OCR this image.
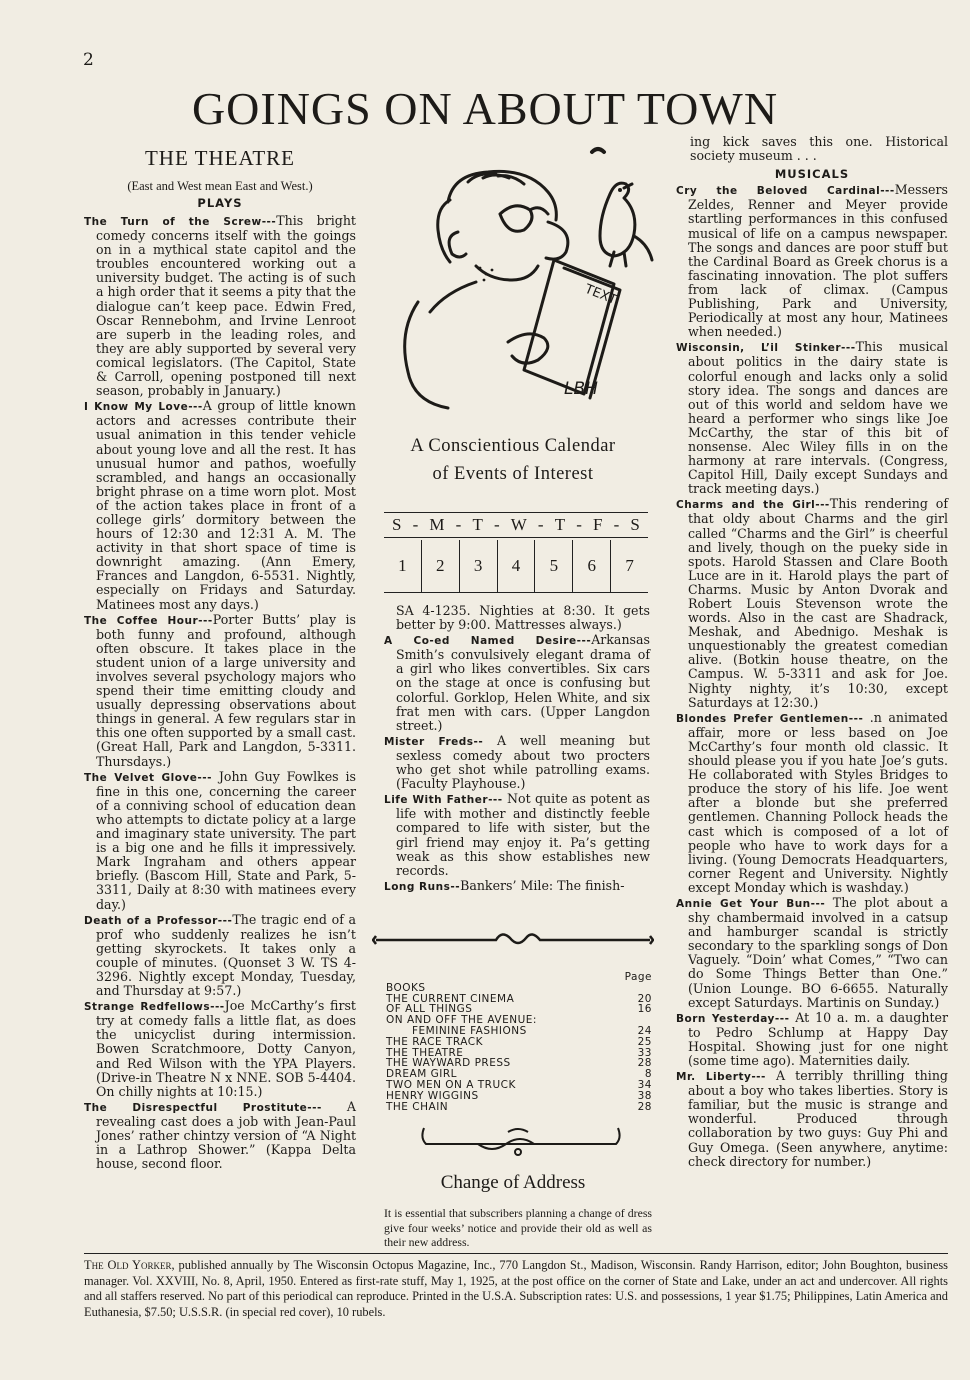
2
GOINGS ON ABOUT TOWN
THE THEATRE
(East and West mean East and West.)
PLAYS
The Turn of the Screw---This bright comedy concerns itself with the goings on in a mythical state capitol and the troubles encountered working out a university budget. The acting is of such a high order that it seems a pity that the dialogue can’t keep pace. Edwin Fred, Oscar Rennebohm, and Irvine Lenroot are superb in the leading roles, and they are ably supported by several very comical legislators. (The Capitol, State & Carroll, opening postponed till next season, probably in January.)
I Know My Love---A group of little known actors and acresses contribute their usual animation in this tender vehicle about young love and all the rest. It has unusual humor and pathos, woefully scrambled, and hangs an occasionally bright phrase on a time worn plot. Most of the action takes place in front of a college girls’ dormitory between the hours of 12:30 and 12:31 A. M. The activity in that short space of time is downright amazing. (Ann Emery, Frances and Langdon, 6-5531. Nightly, especially on Fridays and Saturday. Matinees most any days.)
The Coffee Hour---Porter Butts’ play is both funny and profound, although often obscure. It takes place in the student union of a large university and involves several psychology majors who spend their time emitting cloudy and usually depressing observations about things in general. A few regulars star in this one often supported by a small cast. (Great Hall, Park and Langdon, 5-3311. Thursdays.)
The Velvet Glove--- John Guy Fowlkes is fine in this one, concerning the career of a conniving school of education dean who attempts to dictate policy at a large and imaginary state university. The part is a big one and he fills it impressively. Mark Ingraham and others appear briefly. (Bascom Hill, State and Park, 5-3311, Daily at 8:30 with matinees every day.)
Death of a Professor---The tragic end of a prof who suddenly realizes he isn’t getting skyrockets. It takes only a couple of minutes. (Quonset 3 W. TS 4-3296. Nightly except Monday, Tuesday, and Thursday at 9:57.)
Strange Redfellows---Joe McCarthy’s first try at comedy falls a little flat, as does the unicyclist during intermission. Bowen Scratchmoore, Dotty Canyon, and Red Wilson with the YPA Players. (Drive-in Theatre N x NNE. SOB 5-4404. On chilly nights at 10:15.)
The Disrespectful Prostitute--- A revealing cast does a job with Jean-Paul Jones’ rather chintzy version of “A Night in a Lathrop Shower.” (Kappa Delta house, second floor.
TEXT
LBH
A Conscientious Calendar
of Events of Interest
S - M - T - W - T - F - S
1	2	3	4	5	6	7
SA 4-1235. Nighties at 8:30. It gets better by 9:00. Mattresses always.)
A Co-ed Named Desire---Arkansas Smith’s convulsively elegant drama of a girl who likes convertibles. Six cars on the stage at once is confusing but colorful. Gorklop, Helen White, and six frat men with cars. (Upper Langdon street.)
Mister Freds-- A well meaning but sexless comedy about two procters who get shot while patrolling exams. (Faculty Playhouse.)
Life With Father--- Not quite as potent as life with mother and distinctly feeble compared to life with sister, but the girl friend may enjoy it. Pa’s getting weak as this show establishes new records.
Long Runs--Bankers’ Mile: The finish-
Page
BOOKS
THE CURRENT CINEMA	20
OF ALL THINGS	16
ON AND OFF THE AVENUE:
FEMININE FASHIONS	24
THE RACE TRACK	25
THE THEATRE	33
THE WAYWARD PRESS	28
DREAM GIRL	8
TWO MEN ON A TRUCK	34
HENRY WIGGINS	38
THE CHAIN	28
Change of Address
It is essential that subscribers planning a change of dress give four weeks’ notice and provide their old as well as their new address.
ing kick saves this one. Historical society museum . . .
MUSICALS
Cry the Beloved Cardinal---Messers Zeldes, Renner and Meyer provide startling performances in this confused musical of life on a campus newspaper. The songs and dances are poor stuff but the Cardinal Board as Greek chorus is a fascinating innovation. The plot suffers from lack of climax. (Campus Publishing, Park and University, Periodically at most any hour, Matinees when needed.)
Wisconsin, L’il Stinker---This musical about politics in the dairy state is colorful enough and lacks only a solid story idea. The songs and dances are out of this world and seldom have we heard a performer who sings like Joe McCarthy, the star of this bit of nonsense. Alec Wiley fills in on the harmony at rare intervals. (Congress, Capitol Hill, Daily except Sundays and track meeting days.)
Charms and the Girl---This rendering of that oldy about Charms and the girl called “Charms and the Girl” is cheerful and lively, though on the pueky side in spots. Harold Stassen and Clare Booth Luce are in it. Harold plays the part of Charms. Music by Anton Dvorak and Robert Louis Stevenson wrote the words. Also in the cast are Shadrack, Meshak, and Abednigo. Meshak is unquestionably the greatest comedian alive. (Botkin house theatre, on the Campus. W. 5-3311 and ask for Joe. Nighty nighty, it’s 10:30, except Saturdays at 12:30.)
Blondes Prefer Gentlemen--- .n animated affair, more or less based on Joe McCarthy’s four month old classic. It should please you if you hate Joe’s guts. He collaborated with Styles Bridges to produce the story of his life. Joe went after a blonde but she preferred gentlemen. Channing Pollock heads the cast which is composed of a lot of people who have to work days for a living. (Young Democrats Headquarters, corner Regent and University. Nightly except Monday which is washday.)
Annie Get Your Bun--- The plot about a shy chambermaid involved in a catsup and hamburger scandal is strictly secondary to the sparkling songs of Don Vaguely. “Doin’ what Comes,” “Two can do Some Things Better than One.” (Union Lounge. BO 6-6655. Naturally except Saturdays. Martinis on Sunday.)
Born Yesterday--- At 10 a. m. a daughter to Pedro Schlump at Happy Day Hospital. Showing just for one night (some time ago). Maternities daily.
Mr. Liberty--- A terribly thrilling thing about a boy who takes liberties. Story is familiar, but the music is strange and wonderful. Produced through collaboration by two guys: Guy Phi and Guy Omega. (Seen anywhere, anytime: check directory for number.)
The Old Yorker, published annually by The Wisconsin Octopus Magazine, Inc., 770 Langdon St., Madison, Wisconsin. Randy Harrison, editor; John Boughton, business manager. Vol. XXVIII, No. 8, April, 1950. Entered as first-rate stuff, May 1, 1925, at the post office on the corner of State and Lake, under an act and undercover. All rights and all staffers reserved. No part of this periodical can reproduce. Printed in the U.S.A. Subscription rates: U.S. and possessions, 1 year $1.75; Philippines, Latin America and Euthanesia, $7.50; U.S.S.R. (in special red cover), 10 rubels.
